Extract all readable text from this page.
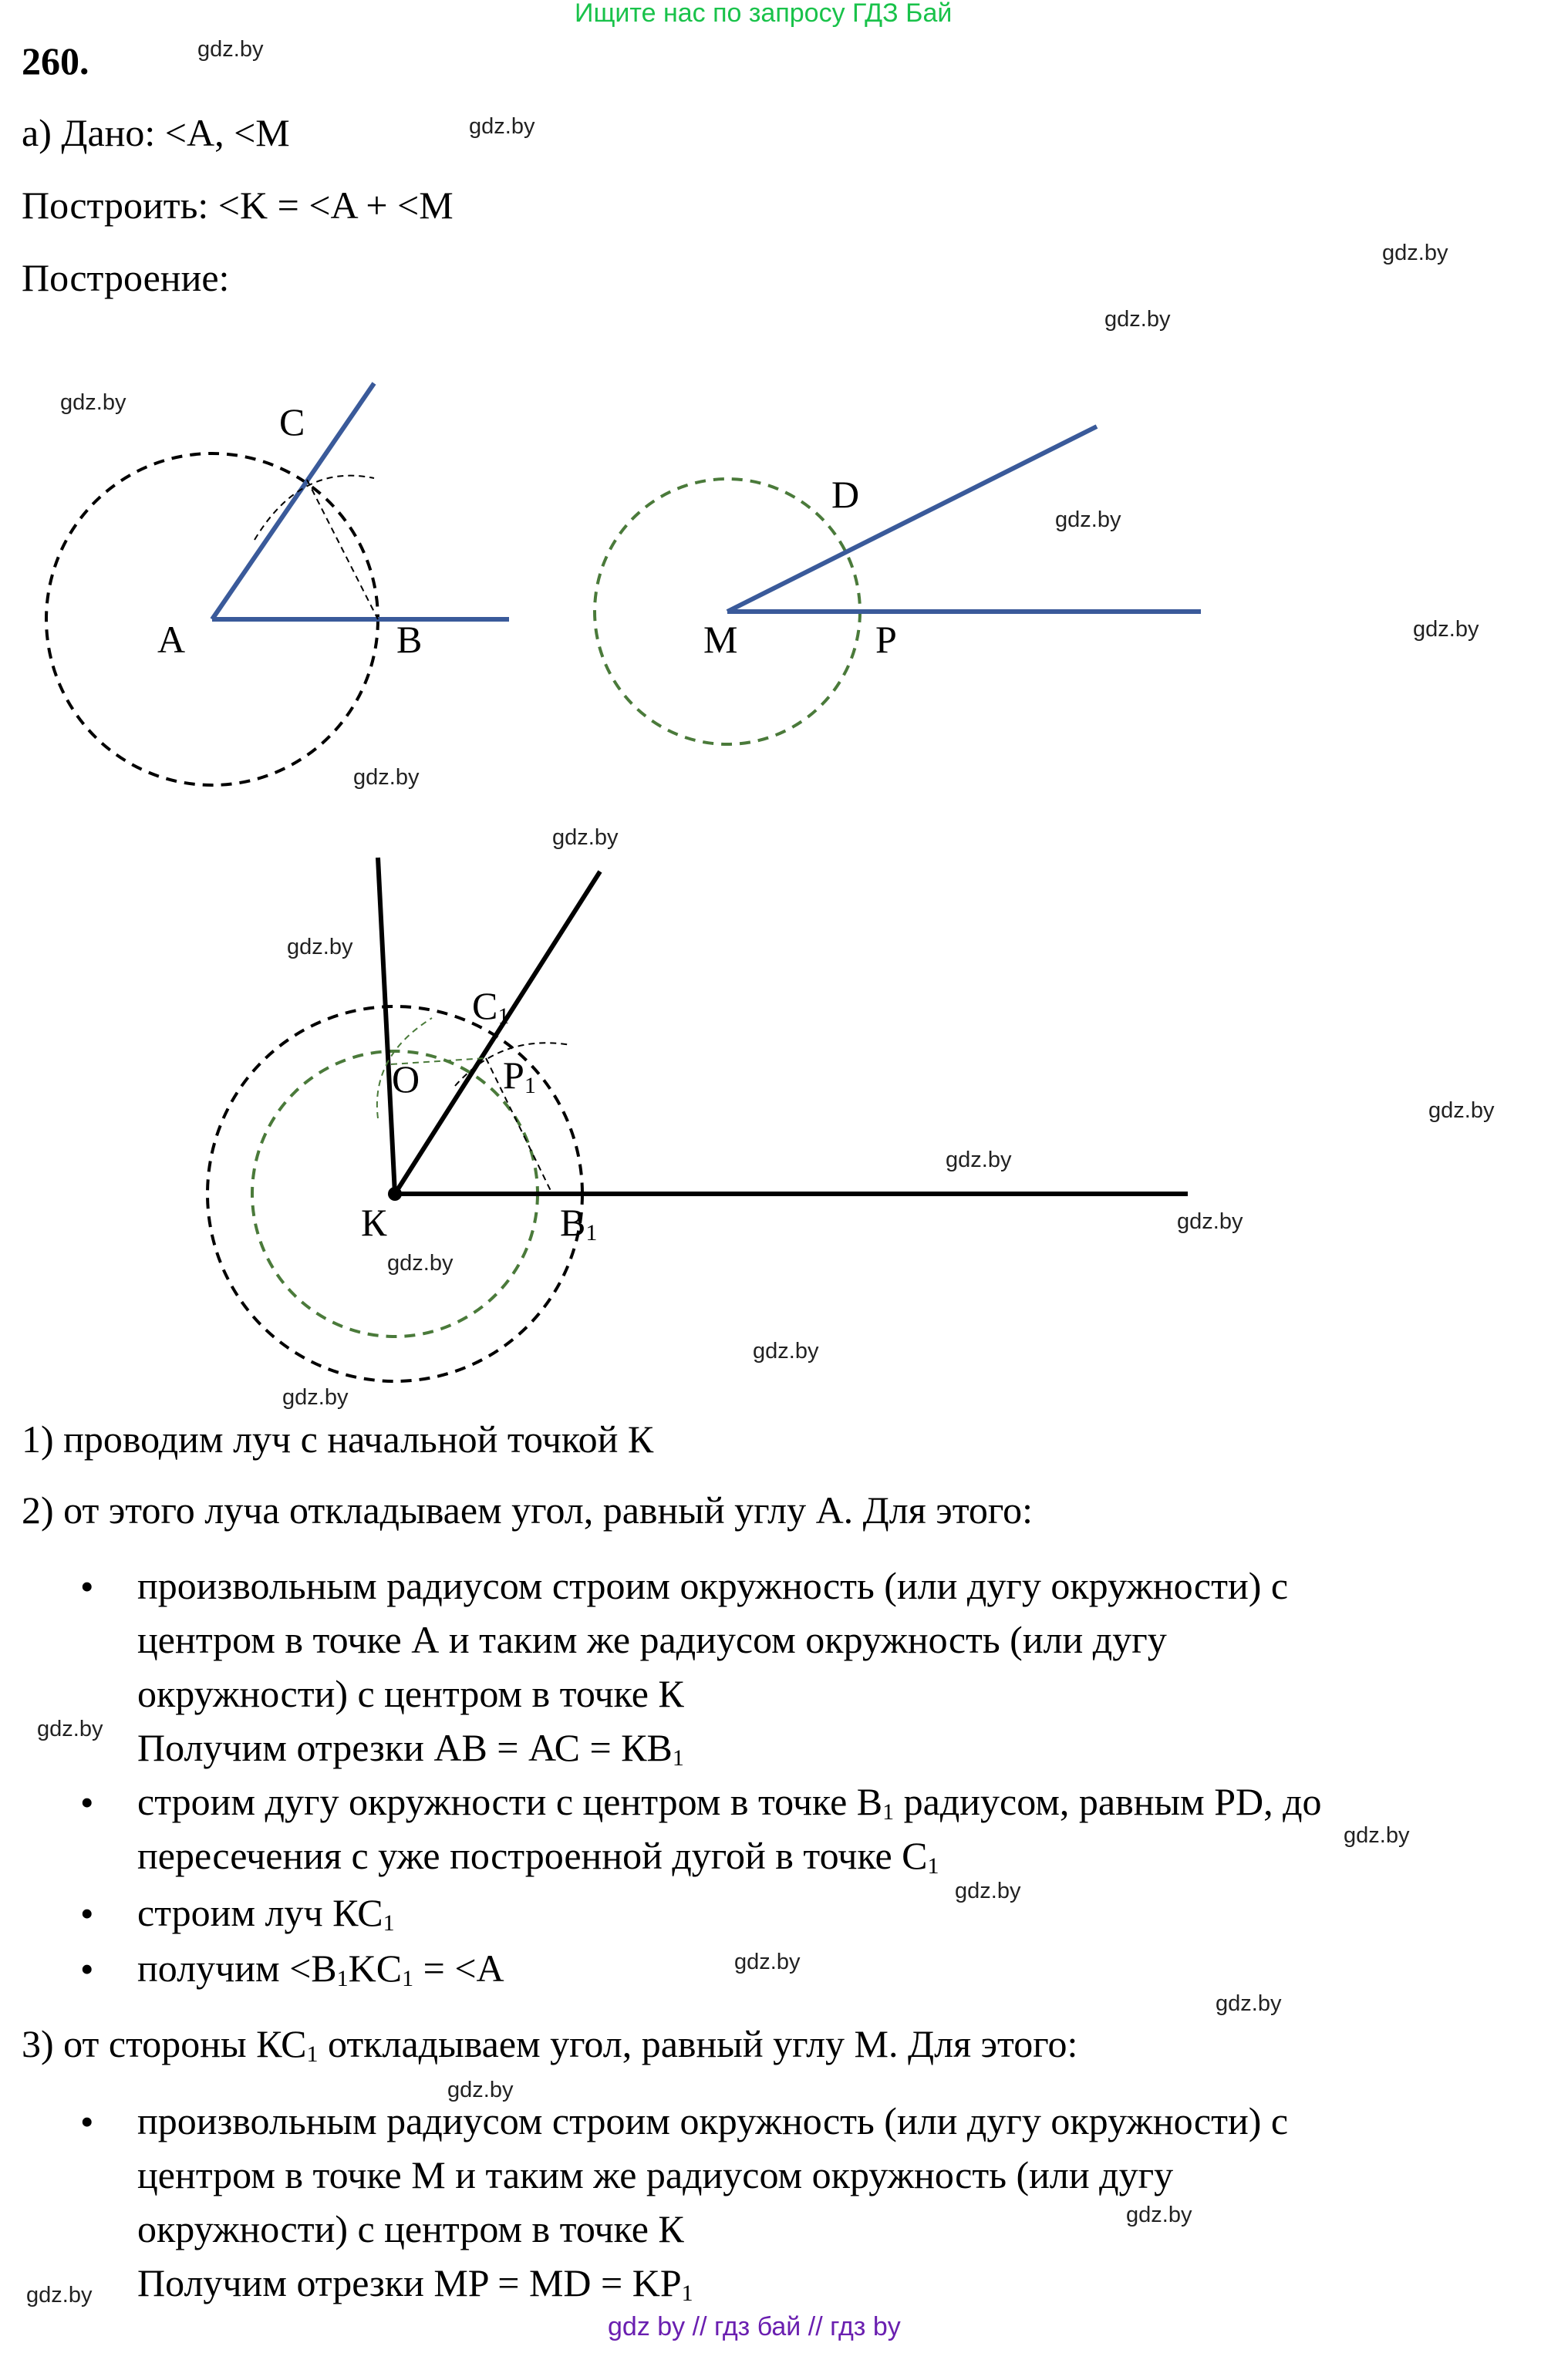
Ищите нас по запросу ГДЗ Бай
260.
а) Дано: <A, <M
Построить: <K = <A + <M
Построение:
C
A	B
D
M	P
$C_1$
O $P_1$
К	$B_1$
1) проводим луч с начальной точкой К
2) от этого луча откладываем угол, равный углу А. Для этого:
• произвольным радиусом строим окружность (или дугу окружности) с
центром в точке А и таким же радиусом окружность (или дугу
окружности) с центром в точке К
Получим отрезки АВ = АС = $КВ_1$
• строим дугу окружности с центром в точке $В_1$ радиусом, равным PD, до
пересечения с уже построенной дугой в точке $С_1$
• строим луч $КС_1$
• получим $<B_1KC_1 = <A$
3) от стороны $КС_1$ откладываем угол, равный углу М. Для этого:
• произвольным радиусом строим окружность (или дугу окружности) с
центром в точке М и таким же радиусом окружность (или дугу
окружности) с центром в точке К
Получим отрезки MP = MD = $KP_1$
gdz by // гдз бай // гдз by
gdz.by
gdz.by
gdz.by
gdz.by
gdz.by
gdz.by
gdz.by
gdz.by
gdz.by
gdz.by
gdz.by
gdz.by
gdz.by
gdz.by
gdz.by
gdz.by
gdz.by
gdz.by
gdz.by
gdz.by
gdz.by
gdz.by
gdz.by
gdz.by
